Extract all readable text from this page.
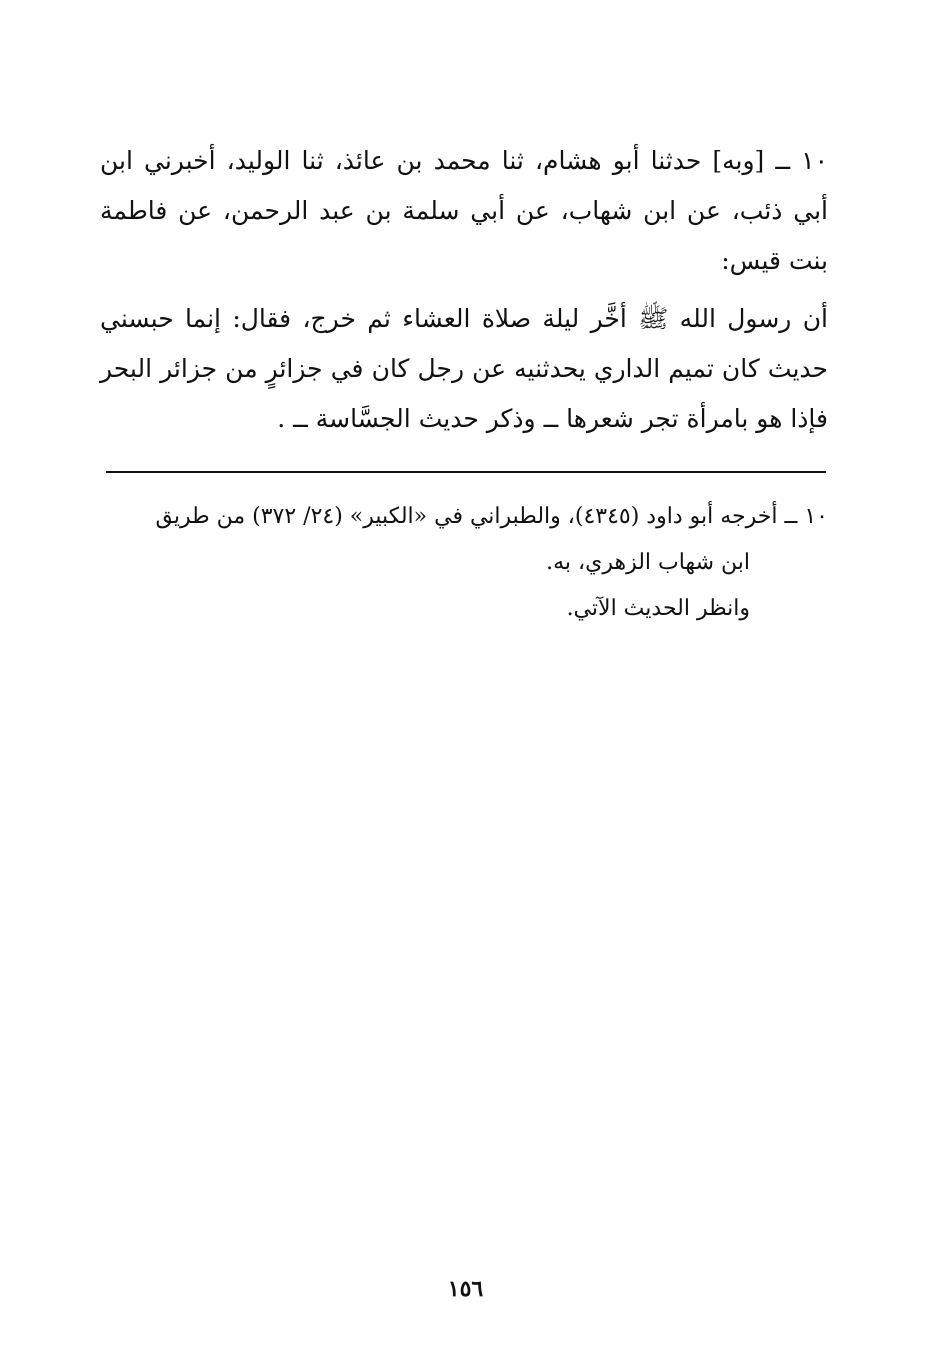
١٠ ــ [وبه] حدثنا أبو هشام، ثنا محمد بن عائذ، ثنا الوليد، أخبرني ابن أبي ذئب، عن ابن شهاب، عن أبي سلمة بن عبد الرحمن، عن فاطمة بنت قيس:

أن رسول الله ﷺ أخَّر ليلة صلاة العشاء ثم خرج، فقال: إنما حبسني حديث كان تميم الداري يحدثنيه عن رجل كان في جزائرٍ من جزائر البحر فإذا هو بامرأة تجر شعرها ــ وذكر حديث الجسَّاسة ــ .

١٠ ــ أخرجه أبو داود (٤٣٤٥)، والطبراني في «الكبير» (٢٤/ ٣٧٢) من طريق

ابن شهاب الزهري، به.

وانظر الحديث الآتي.

١٥٦
